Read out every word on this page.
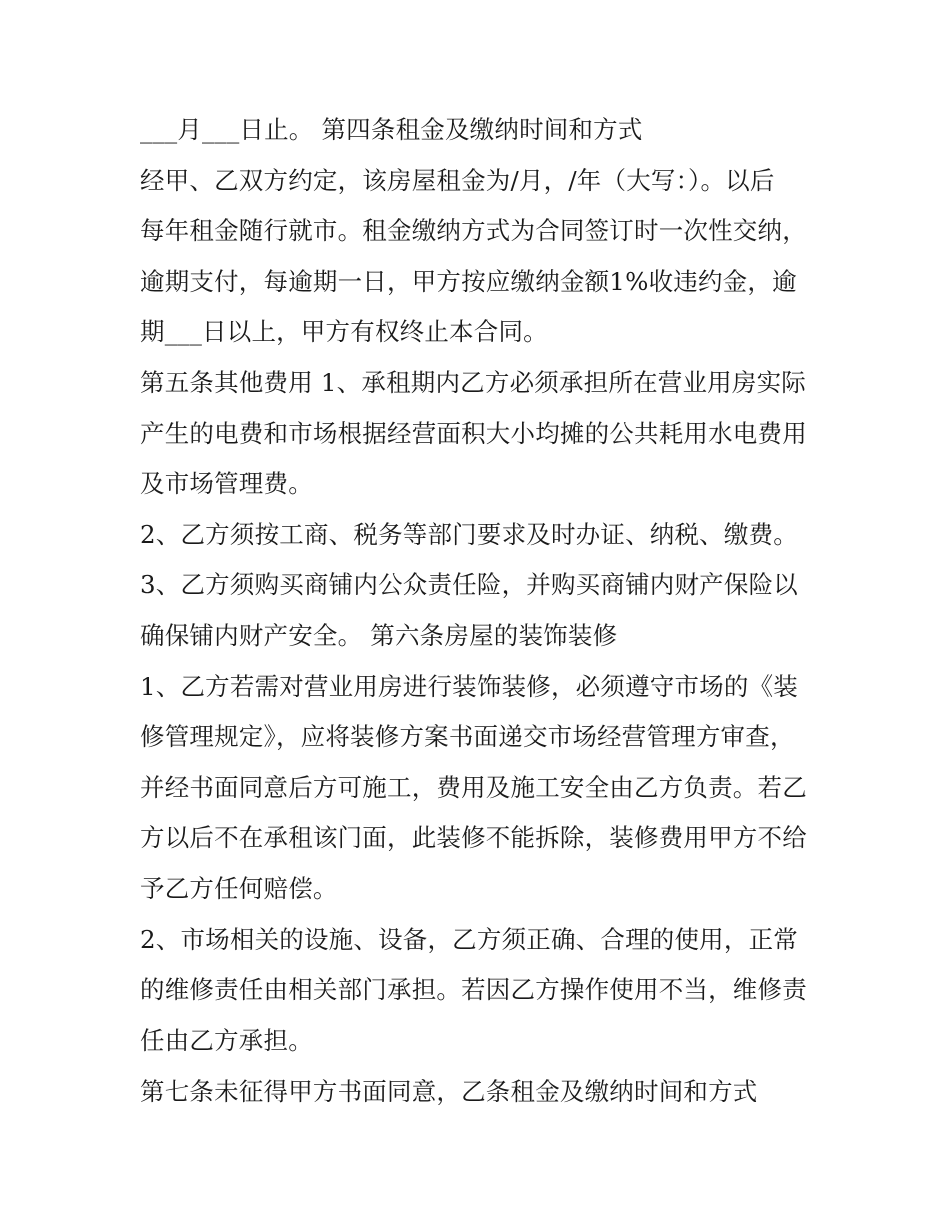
___月___日止。 第四条租金及缴纳时间和方式
经甲、乙双方约定，该房屋租金为/月，/年（大写：）。以后
每年租金随行就市。租金缴纳方式为合同签订时一次性交纳，
逾期支付，每逾期一日，甲方按应缴纳金额1%收违约金，逾
期___日以上，甲方有权终止本合同。
第五条其他费用 1、承租期内乙方必须承担所在营业用房实际
产生的电费和市场根据经营面积大小均摊的公共耗用水电费用
及市场管理费。
2、乙方须按工商、税务等部门要求及时办证、纳税、缴费。
3、乙方须购买商铺内公众责任险，并购买商铺内财产保险以
确保铺内财产安全。 第六条房屋的装饰装修
1、乙方若需对营业用房进行装饰装修，必须遵守市场的《装
修管理规定》，应将装修方案书面递交市场经营管理方审查，
并经书面同意后方可施工，费用及施工安全由乙方负责。若乙
方以后不在承租该门面，此装修不能拆除，装修费用甲方不给
予乙方任何赔偿。
2、市场相关的设施、设备，乙方须正确、合理的使用，正常
的维修责任由相关部门承担。若因乙方操作使用不当，维修责
任由乙方承担。
第七条未征得甲方书面同意，乙条租金及缴纳时间和方式
